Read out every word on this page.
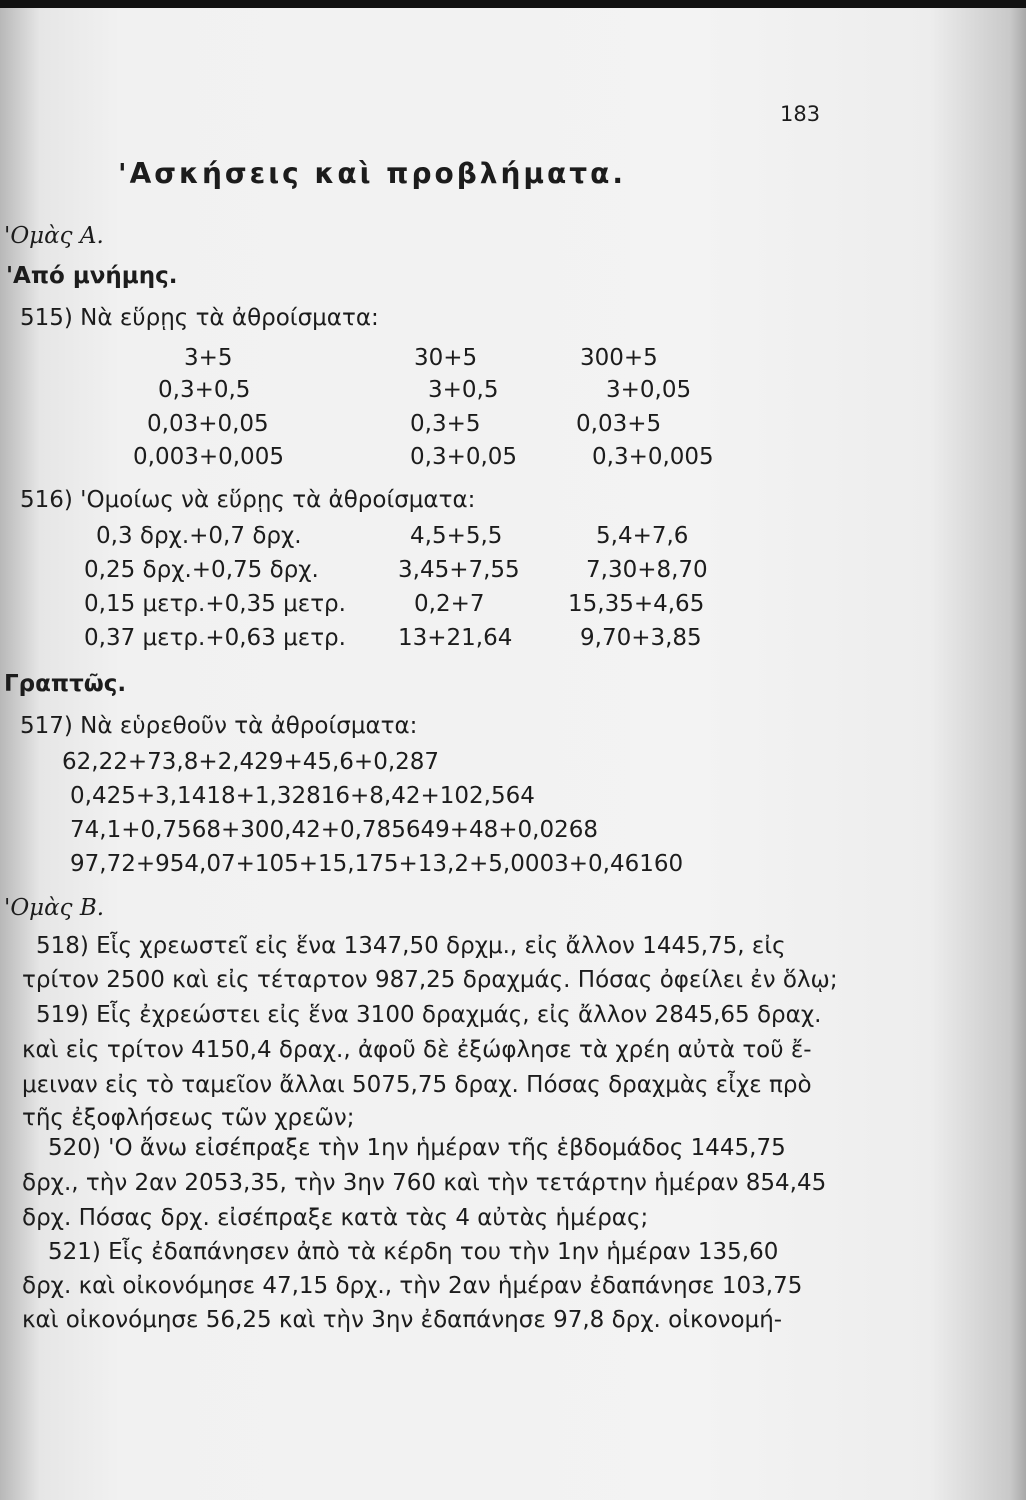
183
'Ασκήσεις καὶ προβλήματα.
'Ομὰς Α.
'Από μνήμης.
515) Νὰ εὕρῃς τὰ ἀθροίσματα:
3+5
0,3+0,5
0,03+0,05
0,003+0,005
30+5
3+0,5
0,3+5
0,3+0,05
300+5
3+0,05
0,03+5
0,3+0,005
516) 'Ομοίως νὰ εὕρῃς τὰ ἀθροίσματα:
0,3 δρχ.+0,7 δρχ.
0,25 δρχ.+0,75 δρχ.
0,15 μετρ.+0,35 μετρ.
0,37 μετρ.+0,63 μετρ.
4,5+5,5
3,45+7,55
0,2+7
13+21,64
5,4+7,6
7,30+8,70
15,35+4,65
9,70+3,85
Γραπτῶς.
517) Νὰ εὑρεθοῦν τὰ ἀθροίσματα:
62,22+73,8+2,429+45,6+0,287
0,425+3,1418+1,32816+8,42+102,564
74,1+0,7568+300,42+0,785649+48+0,0268
97,72+954,07+105+15,175+13,2+5,0003+0,46160
'Ομὰς Β.
518) Εἷς χρεωστεῖ εἰς ἕνα 1347,50 δρχμ., εἰς ἄλλον 1445,75, εἰς
τρίτον 2500 καὶ εἰς τέταρτον 987,25 δραχμάς. Πόσας ὀφείλει ἐν ὅλῳ;
519) Εἷς ἐχρεώστει εἰς ἕνα 3100 δραχμάς, εἰς ἄλλον 2845,65 δραχ.
καὶ εἰς τρίτον 4150,4 δραχ., ἀφοῦ δὲ ἐξώφλησε τὰ χρέη αὐτὰ τοῦ ἔ-
μειναν εἰς τὸ ταμεῖον ἄλλαι 5075,75 δραχ. Πόσας δραχμὰς εἶχε πρὸ
τῆς ἐξοφλήσεως τῶν χρεῶν;
520) 'Ο ἄνω εἰσέπραξε τὴν 1ην ἡμέραν τῆς ἑβδομάδος 1445,75
δρχ., τὴν 2αν 2053,35, τὴν 3ην 760 καὶ τὴν τετάρτην ἡμέραν 854,45
δρχ. Πόσας δρχ. εἰσέπραξε κατὰ τὰς 4 αὐτὰς ἡμέρας;
521) Εἷς ἐδαπάνησεν ἀπὸ τὰ κέρδη του τὴν 1ην ἡμέραν 135,60
δρχ. καὶ οἰκονόμησε 47,15 δρχ., τὴν 2αν ἡμέραν ἐδαπάνησε 103,75
καὶ οἰκονόμησε 56,25 καὶ τὴν 3ην ἐδαπάνησε 97,8 δρχ. οἰκονομή-
